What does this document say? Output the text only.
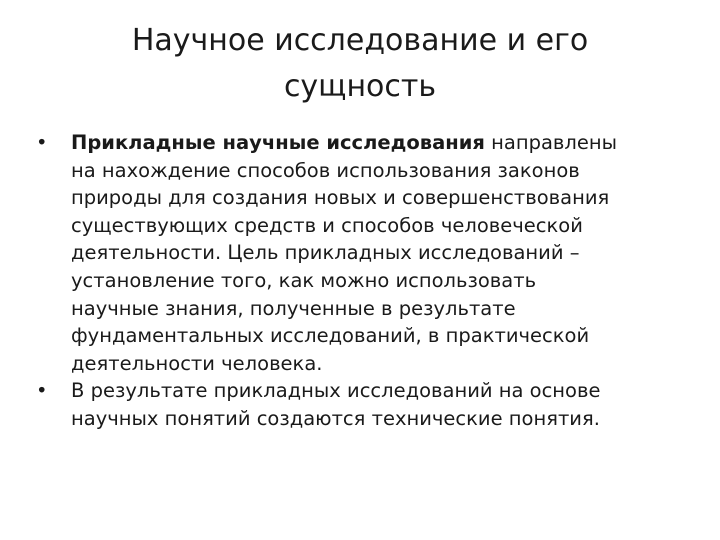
Научное исследование и его
сущность
• Прикладные научные исследования направлены
на нахождение способов использования законов
природы для создания новых и совершенствования
существующих средств и способов человеческой
деятельности. Цель прикладных исследований –
установление того, как можно использовать
научные знания, полученные в результате
фундаментальных исследований, в практической
деятельности человека.
• В результате прикладных исследований на основе
научных понятий создаются технические понятия.
